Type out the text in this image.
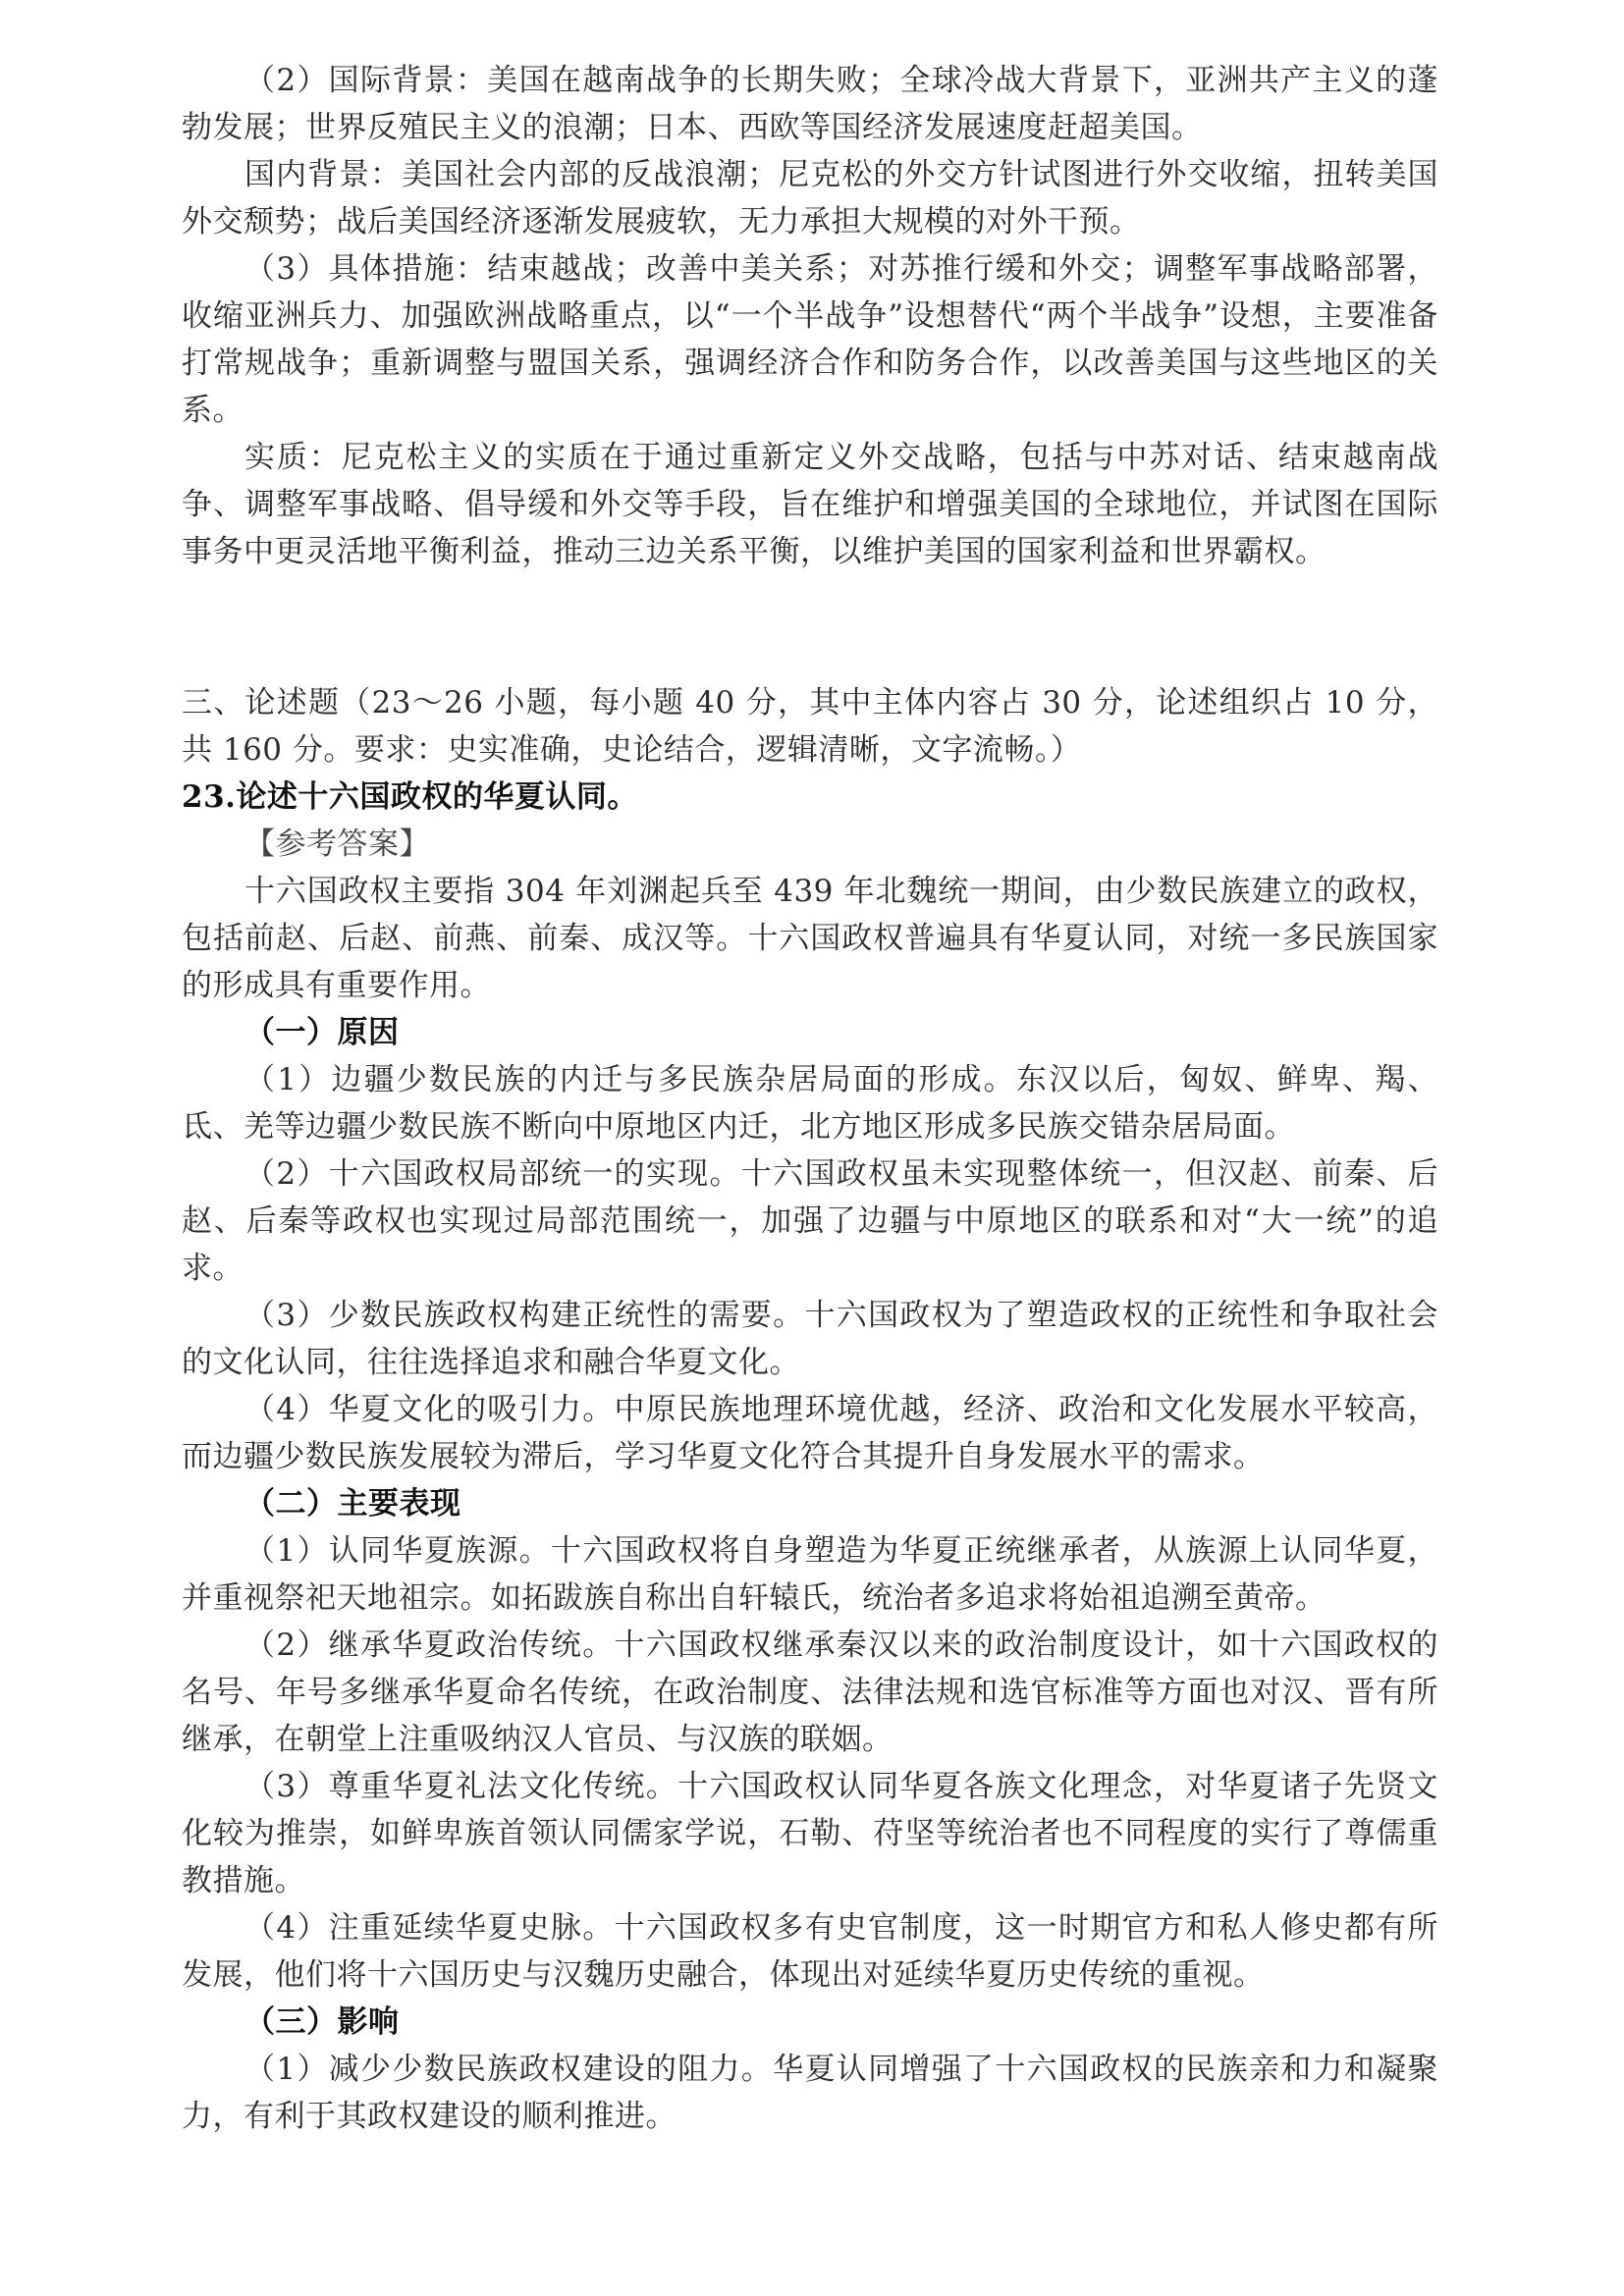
（2）国际背景：美国在越南战争的长期失败；全球冷战大背景下，亚洲共产主义的蓬勃发展；世界反殖民主义的浪潮；日本、西欧等国经济发展速度赶超美国。

国内背景：美国社会内部的反战浪潮；尼克松的外交方针试图进行外交收缩，扭转美国外交颓势；战后美国经济逐渐发展疲软，无力承担大规模的对外干预。

（3）具体措施：结束越战；改善中美关系；对苏推行缓和外交；调整军事战略部署，收缩亚洲兵力、加强欧洲战略重点，以“一个半战争”设想替代“两个半战争”设想，主要准备打常规战争；重新调整与盟国关系，强调经济合作和防务合作，以改善美国与这些地区的关系。

实质：尼克松主义的实质在于通过重新定义外交战略，包括与中苏对话、结束越南战争、调整军事战略、倡导缓和外交等手段，旨在维护和增强美国的全球地位，并试图在国际事务中更灵活地平衡利益，推动三边关系平衡，以维护美国的国家利益和世界霸权。

三、论述题（23～26 小题，每小题 40 分，其中主体内容占 30 分，论述组织占 10 分，共 160 分。要求：史实准确，史论结合，逻辑清晰，文字流畅。）

23.论述十六国政权的华夏认同。

【参考答案】

十六国政权主要指 304 年刘渊起兵至 439 年北魏统一期间，由少数民族建立的政权，包括前赵、后赵、前燕、前秦、成汉等。十六国政权普遍具有华夏认同，对统一多民族国家的形成具有重要作用。

（一）原因

（1）边疆少数民族的内迁与多民族杂居局面的形成。东汉以后，匈奴、鲜卑、羯、氐、羌等边疆少数民族不断向中原地区内迁，北方地区形成多民族交错杂居局面。

（2）十六国政权局部统一的实现。十六国政权虽未实现整体统一，但汉赵、前秦、后赵、后秦等政权也实现过局部范围统一，加强了边疆与中原地区的联系和对“大一统”的追求。

（3）少数民族政权构建正统性的需要。十六国政权为了塑造政权的正统性和争取社会的文化认同，往往选择追求和融合华夏文化。

（4）华夏文化的吸引力。中原民族地理环境优越，经济、政治和文化发展水平较高，而边疆少数民族发展较为滞后，学习华夏文化符合其提升自身发展水平的需求。

（二）主要表现

（1）认同华夏族源。十六国政权将自身塑造为华夏正统继承者，从族源上认同华夏，并重视祭祀天地祖宗。如拓跋族自称出自轩辕氏，统治者多追求将始祖追溯至黄帝。

（2）继承华夏政治传统。十六国政权继承秦汉以来的政治制度设计，如十六国政权的名号、年号多继承华夏命名传统，在政治制度、法律法规和选官标准等方面也对汉、晋有所继承，在朝堂上注重吸纳汉人官员、与汉族的联姻。

（3）尊重华夏礼法文化传统。十六国政权认同华夏各族文化理念，对华夏诸子先贤文化较为推崇，如鲜卑族首领认同儒家学说，石勒、苻坚等统治者也不同程度的实行了尊儒重教措施。

（4）注重延续华夏史脉。十六国政权多有史官制度，这一时期官方和私人修史都有所发展，他们将十六国历史与汉魏历史融合，体现出对延续华夏历史传统的重视。

（三）影响

（1）减少少数民族政权建设的阻力。华夏认同增强了十六国政权的民族亲和力和凝聚力，有利于其政权建设的顺利推进。
